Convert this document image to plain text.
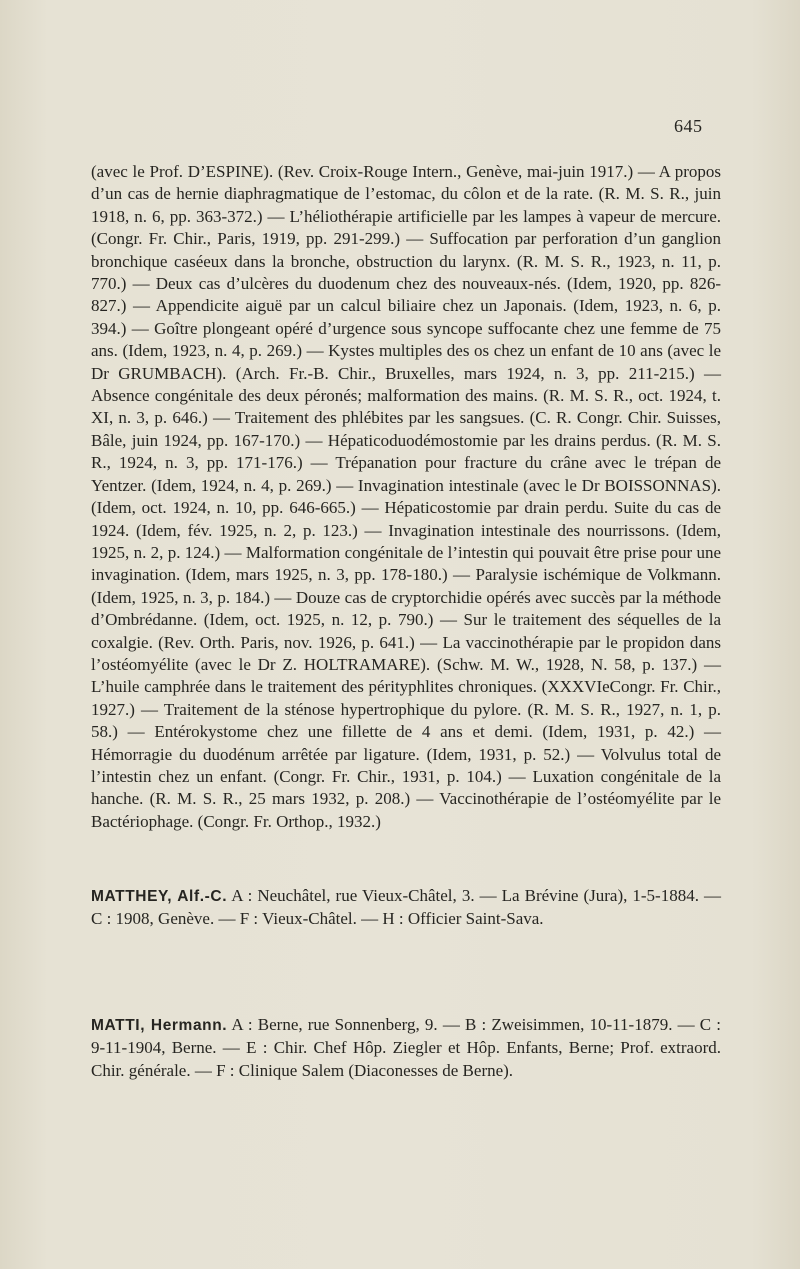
645

(avec le Prof. D’ESPINE). (Rev. Croix-Rouge Intern., Genève, mai-juin 1917.) — A propos d’un cas de hernie diaphragmatique de l’estomac, du côlon et de la rate. (R. M. S. R., juin 1918, n. 6, pp. 363-372.) — L’héliothérapie artificielle par les lampes à vapeur de mercure. (Congr. Fr. Chir., Paris, 1919, pp. 291-299.) — Suffocation par perforation d’un ganglion bronchique caséeux dans la bronche, obstruction du larynx. (R. M. S. R., 1923, n. 11, p. 770.) — Deux cas d’ulcères du duodenum chez des nouveaux-nés. (Idem, 1920, pp. 826-827.) — Appendicite aiguë par un calcul biliaire chez un Japonais. (Idem, 1923, n. 6, p. 394.) — Goître plongeant opéré d’urgence sous syncope suffocante chez une femme de 75 ans. (Idem, 1923, n. 4, p. 269.) — Kystes multiples des os chez un enfant de 10 ans (avec le Dr GRUMBACH). (Arch. Fr.-B. Chir., Bruxelles, mars 1924, n. 3, pp. 211-215.) — Absence congénitale des deux péronés; malformation des mains. (R. M. S. R., oct. 1924, t. XI, n. 3, p. 646.) — Traitement des phlébites par les sangsues. (C. R. Congr. Chir. Suisses, Bâle, juin 1924, pp. 167-170.) — Hépaticoduodémostomie par les drains perdus. (R. M. S. R., 1924, n. 3, pp. 171-176.) — Trépanation pour fracture du crâne avec le trépan de Yentzer. (Idem, 1924, n. 4, p. 269.) — Invagination intestinale (avec le Dr BOISSONNAS). (Idem, oct. 1924, n. 10, pp. 646-665.) — Hépaticostomie par drain perdu. Suite du cas de 1924. (Idem, fév. 1925, n. 2, p. 123.) — Invagination intestinale des nourrissons. (Idem, 1925, n. 2, p. 124.) — Malformation congénitale de l’intestin qui pouvait être prise pour une invagination. (Idem, mars 1925, n. 3, pp. 178-180.) — Paralysie ischémique de Volkmann. (Idem, 1925, n. 3, p. 184.) — Douze cas de cryptorchidie opérés avec succès par la méthode d’Ombrédanne. (Idem, oct. 1925, n. 12, p. 790.) — Sur le traitement des séquelles de la coxalgie. (Rev. Orth. Paris, nov. 1926, p. 641.) — La vaccinothérapie par le propidon dans l’ostéomyélite (avec le Dr Z. HOLTRAMARE). (Schw. M. W., 1928, N. 58, p. 137.) — L’huile camphrée dans le traitement des pérityphlites chroniques. (XXXVIeCongr. Fr. Chir., 1927.) — Traitement de la sténose hypertrophique du pylore. (R. M. S. R., 1927, n. 1, p. 58.) — Entérokystome chez une fillette de 4 ans et demi. (Idem, 1931, p. 42.) — Hémorragie du duodénum arrêtée par ligature. (Idem, 1931, p. 52.) — Volvulus total de l’intestin chez un enfant. (Congr. Fr. Chir., 1931, p. 104.) — Luxation congénitale de la hanche. (R. M. S. R., 25 mars 1932, p. 208.) — Vaccinothérapie de l’ostéomyélite par le Bactériophage. (Congr. Fr. Orthop., 1932.)

MATTHEY, Alf.-C. A : Neuchâtel, rue Vieux-Châtel, 3. — La Brévine (Jura), 1-5-1884. — C : 1908, Genève. — F : Vieux-Châtel. — H : Officier Saint-Sava.

MATTI, Hermann. A : Berne, rue Sonnenberg, 9. — B : Zweisimmen, 10-11-1879. — C : 9-11-1904, Berne. — E : Chir. Chef Hôp. Ziegler et Hôp. Enfants, Berne; Prof. extraord. Chir. générale. — F : Clinique Salem (Diaconesses de Berne).
